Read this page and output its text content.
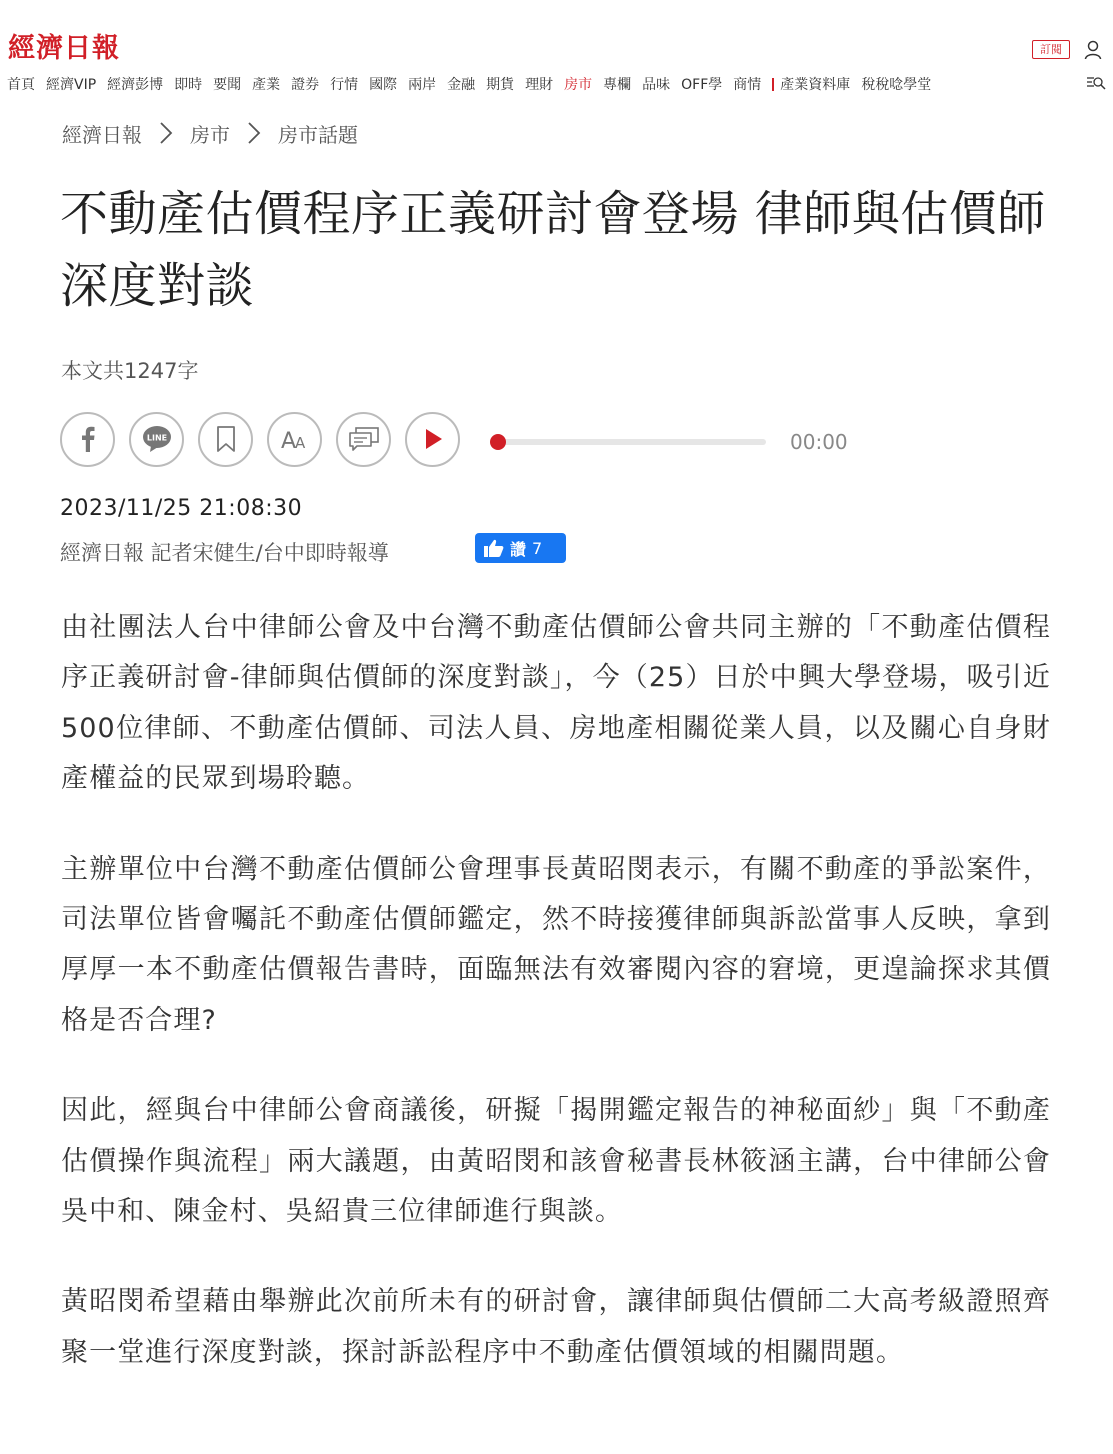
經濟日報	訂閱
首頁 經濟VIP 經濟彭博 即時 要聞 產業 證券 行情 國際 兩岸 金融 期貨 理財 房市 專欄 品味 OFF學 商情 產業資料庫 稅稅唸學堂
經濟日報 房市 房市話題
不動產估價程序正義研討會登場 律師與估價師深度對談
本文共1247字
LINE	A
A	00:00
2023/11/25 21:08:30
經濟日報 記者宋健生/台中即時報導	讚 7

由社團法人台中律師公會及中台灣不動產估價師公會共同主辦的「不動產估價程序正義研討會-律師與估價師的深度對談」，今（25）日於中興大學登場，吸引近500位律師、不動產估價師、司法人員、房地產相關從業人員，以及關心自身財產權益的民眾到場聆聽。

主辦單位中台灣不動產估價師公會理事長黃昭閔表示，有關不動產的爭訟案件，司法單位皆會囑託不動產估價師鑑定，然不時接獲律師與訴訟當事人反映，拿到厚厚一本不動產估價報告書時，面臨無法有效審閱內容的窘境，更遑論探求其價格是否合理?

因此，經與台中律師公會商議後，研擬「揭開鑑定報告的神秘面紗」與「不動產估價操作與流程」兩大議題，由黃昭閔和該會秘書長林筱涵主講，台中律師公會吳中和、陳金村、吳紹貴三位律師進行與談。

黃昭閔希望藉由舉辦此次前所未有的研討會，讓律師與估價師二大高考級證照齊聚一堂進行深度對談，探討訴訟程序中不動產估價領域的相關問題。
